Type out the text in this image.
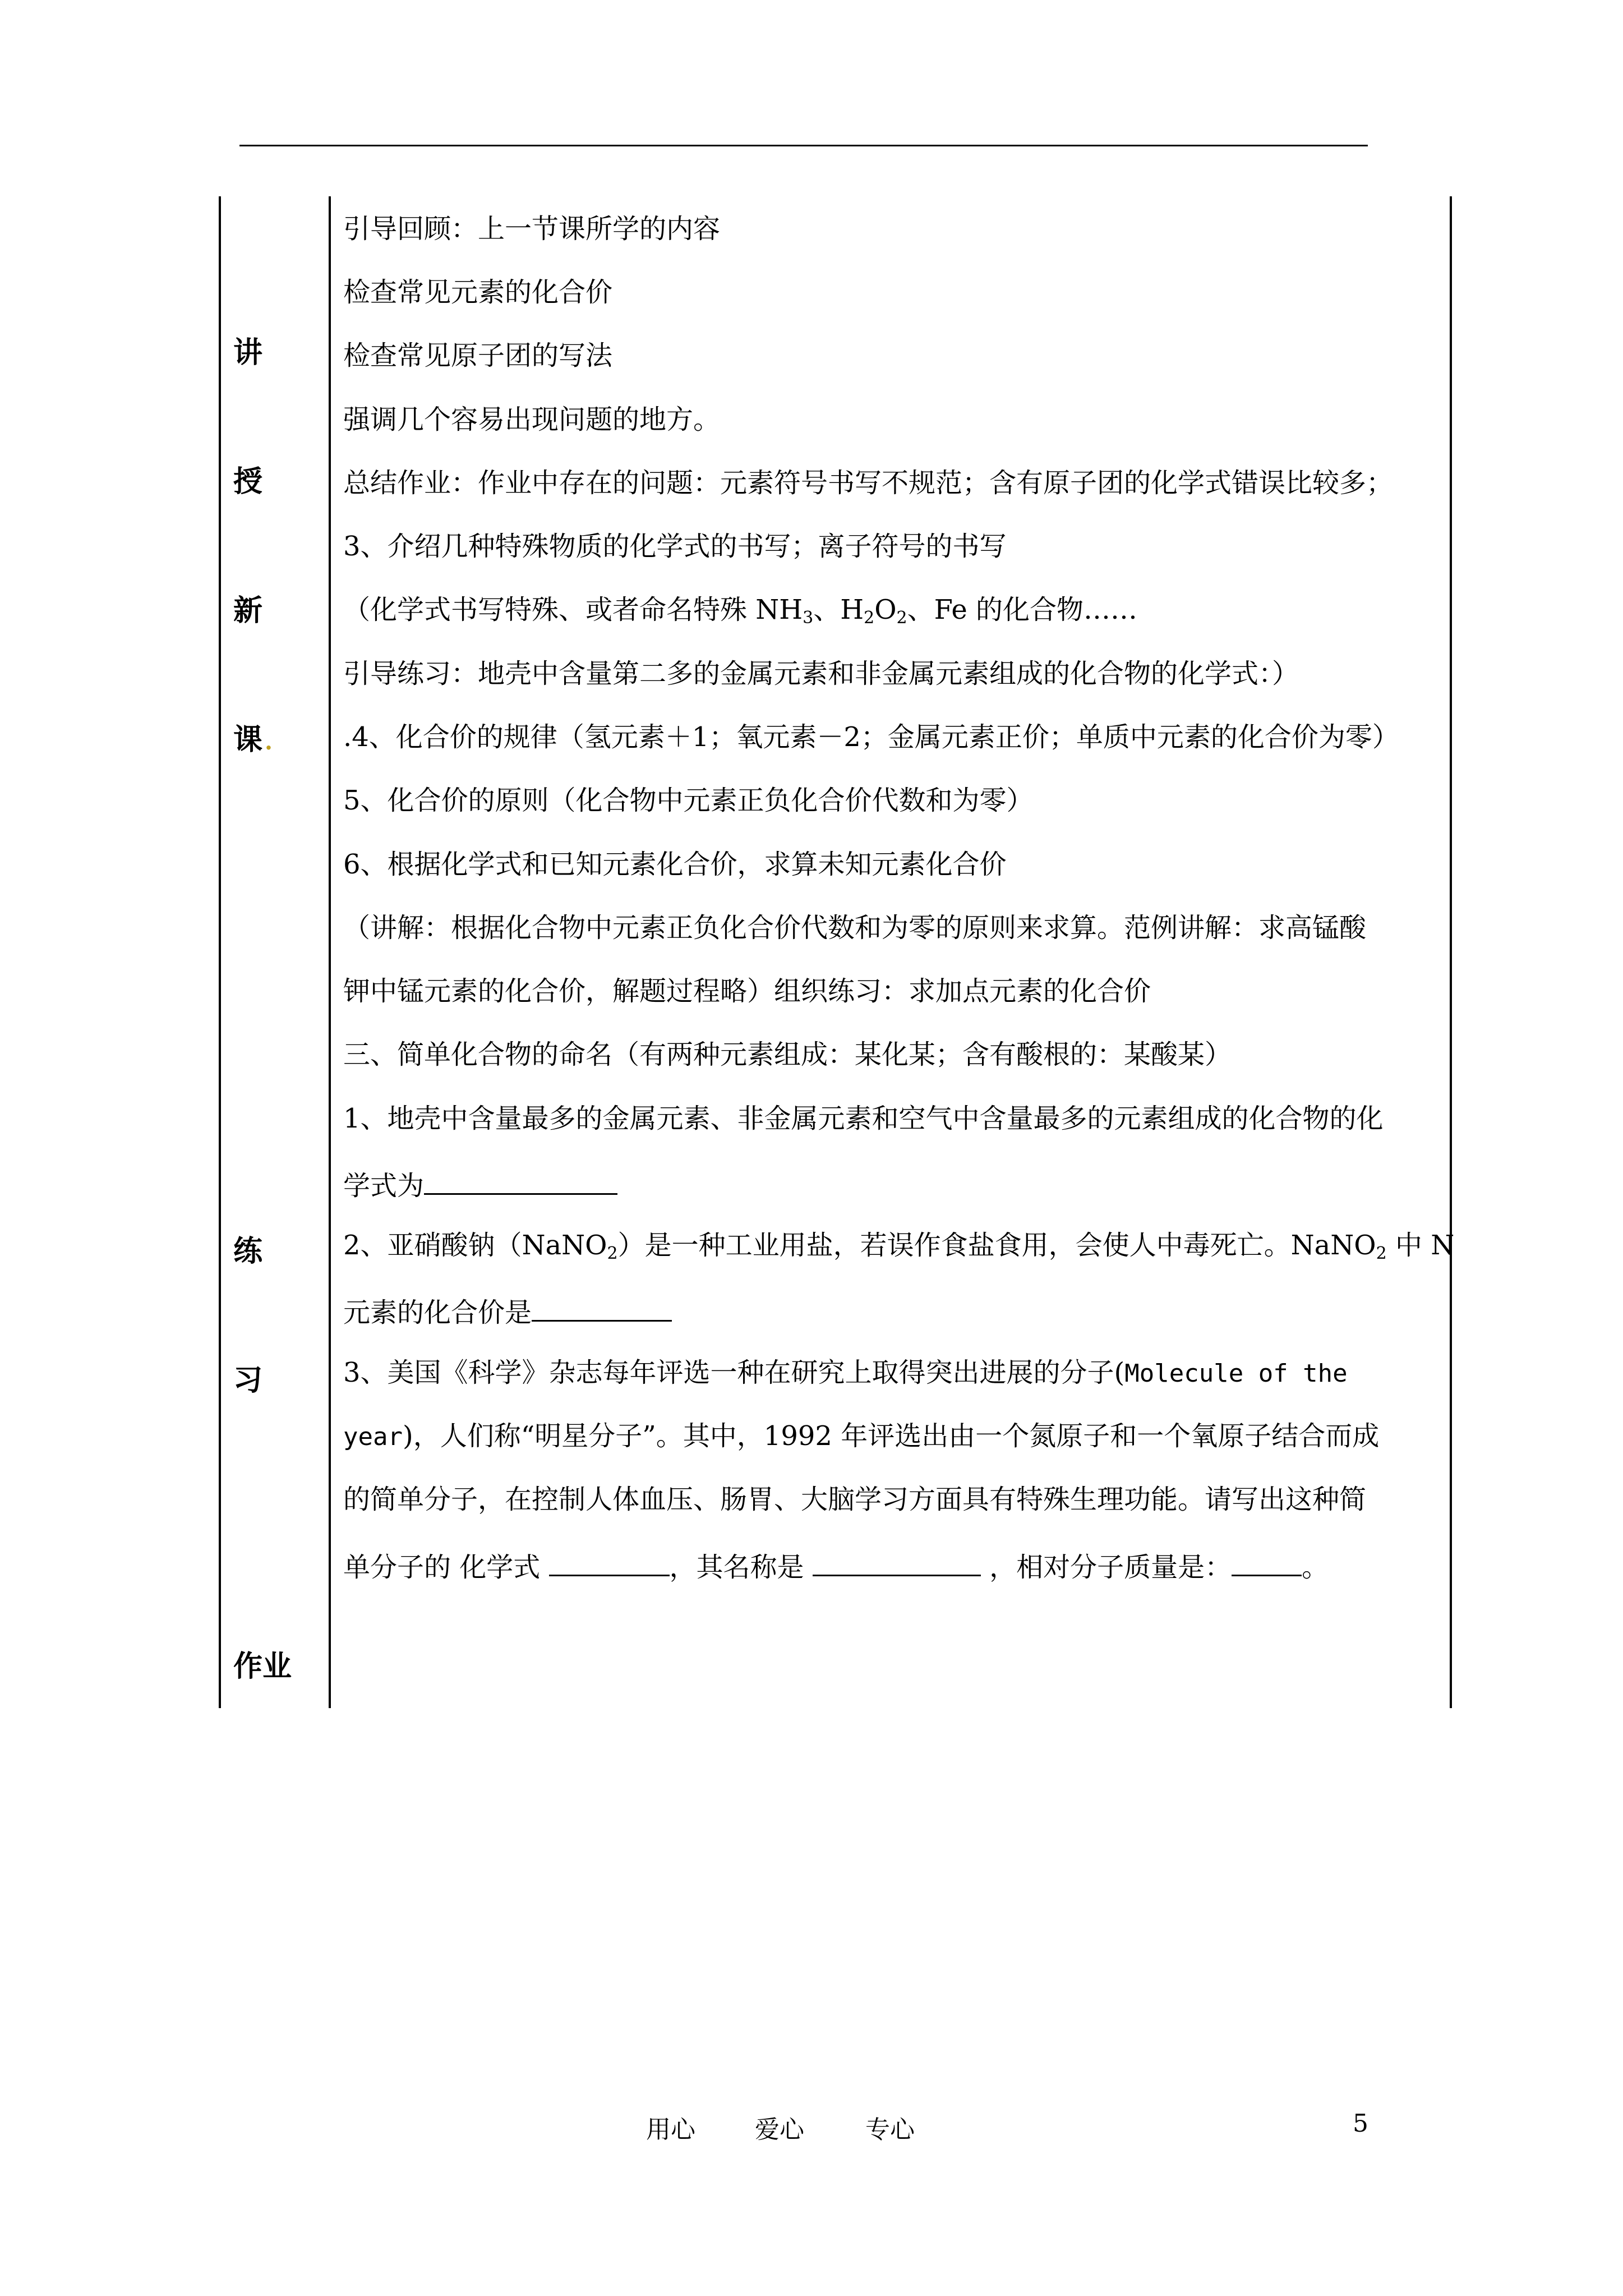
讲
授
新
课 .
练
习
作业
引导回顾：上一节课所学的内容
检查常见元素的化合价
检查常见原子团的写法
强调几个容易出现问题的地方。
总结作业：作业中存在的问题：元素符号书写不规范；含有原子团的化学式错误比较多；
3、介绍几种特殊物质的化学式的书写；离子符号的书写
（化学式书写特殊、或者命名特殊 $NH_3$、$H_2O_2$、Fe 的化合物……
引导练习：地壳中含量第二多的金属元素和非金属元素组成的化合物的化学式：）
.4、化合价的规律（氢元素＋1；氧元素－2；金属元素正价；单质中元素的化合价为零）
5、化合价的原则（化合物中元素正负化合价代数和为零）
6、根据化学式和已知元素化合价，求算未知元素化合价
（讲解：根据化合物中元素正负化合价代数和为零的原则来求算。范例讲解：求高锰酸
钾中锰元素的化合价，解题过程略）组织练习：求加点元素的化合价
三、简单化合物的命名（有两种元素组成：某化某；含有酸根的：某酸某）
1、地壳中含量最多的金属元素、非金属元素和空气中含量最多的元素组成的化合物的化
学式为
2、亚硝酸钠（NaNO$_2$）是一种工业用盐，若误作食盐食用，会使人中毒死亡。NaNO$_2$ 中 N
元素的化合价是
3、美国《科学》杂志每年评选一种在研究上取得突出进展的分子(Molecule of the
year)，人们称“明星分子”。其中，1992 年评选出由一个氮原子和一个氧原子结合而成
的简单分子，在控制人体血压、肠胃、大脑学习方面具有特殊生理功能。请写出这种简
单分子的 化学式	，其名称是	，相对分子质量是：	。
用心 爱心 专心	5
